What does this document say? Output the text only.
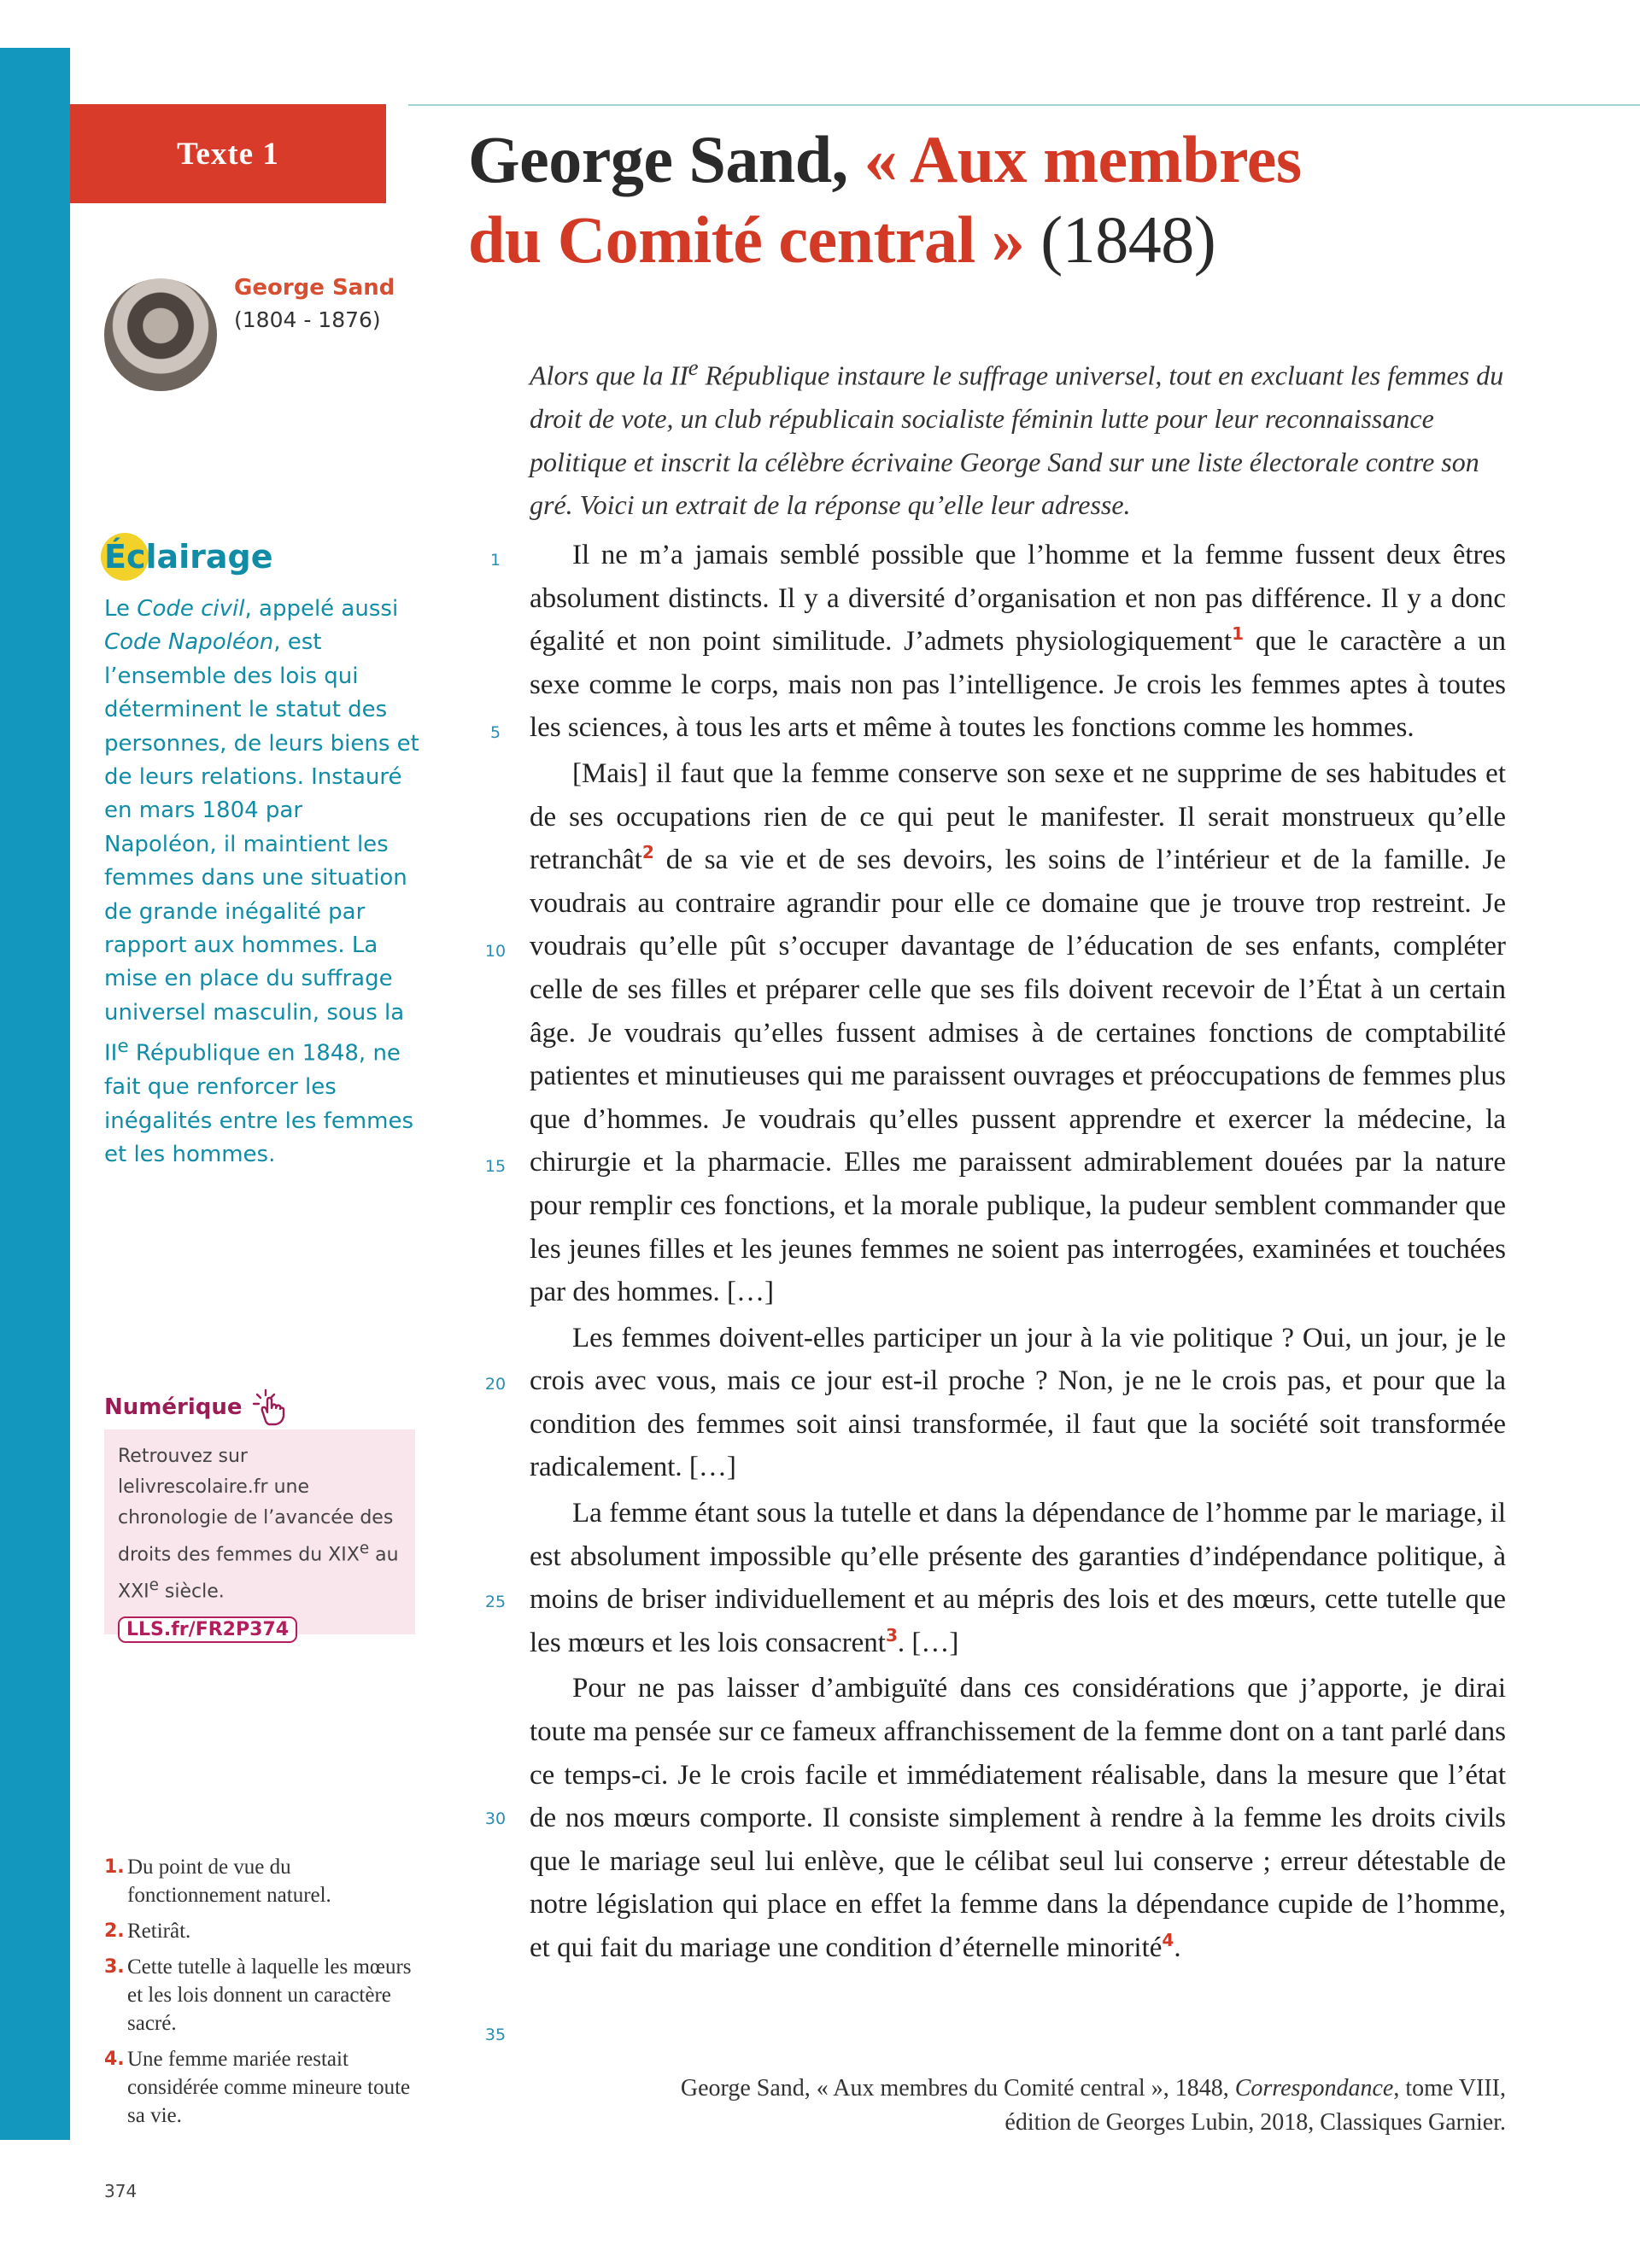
Texte 1	George Sand, « Aux membres
du Comité central » (1848)
George Sand
(1804 - 1876)
Éclairage

Le Code civil, appelé aussi Code Napoléon, est l’ensemble des lois qui déterminent le statut des personnes, de leurs biens et de leurs relations. Instauré en mars 1804 par Napoléon, il maintient les femmes dans une situation de grande inégalité par rapport aux hommes. La mise en place du suffrage universel masculin, sous la IIe République en 1848, ne fait que renforcer les inégalités entre les femmes et les hommes.

Numérique

Retrouvez sur lelivrescolaire.fr une chronologie de l’avancée des droits des femmes du XIXe au XXIe siècle.

LLS.fr/FR2P374
1. Du point de vue du fonctionnement naturel.
2. Retirât.
3. Cette tutelle à laquelle les mœurs et les lois donnent un caractère sacré.
4. Une femme mariée restait considérée comme mineure toute sa vie.
374

Alors que la IIe République instaure le suffrage universel, tout en excluant les femmes du droit de vote, un club républicain socialiste féminin lutte pour leur reconnaissance politique et inscrit la célèbre écrivaine George Sand sur une liste électorale contre son gré. Voici un extrait de la réponse qu’elle leur adresse.

1
5
10
15
20
25
30
35

Il ne m’a jamais semblé possible que l’homme et la femme fussent deux êtres absolument distincts. Il y a diversité d’organisation et non pas différence. Il y a donc égalité et non point similitude. J’admets physiologiquement$^1$ que le caractère a un sexe comme le corps, mais non pas l’intelligence. Je crois les femmes aptes à toutes les sciences, à tous les arts et même à toutes les fonctions comme les hommes.

[Mais] il faut que la femme conserve son sexe et ne supprime de ses habitudes et de ses occupations rien de ce qui peut le manifester. Il serait monstrueux qu’elle retranchât$^2$ de sa vie et de ses devoirs, les soins de l’intérieur et de la famille. Je voudrais au contraire agrandir pour elle ce domaine que je trouve trop restreint. Je voudrais qu’elle pût s’occuper davantage de l’éducation de ses enfants, compléter celle de ses filles et préparer celle que ses fils doivent recevoir de l’État à un certain âge. Je voudrais qu’elles fussent admises à de certaines fonctions de comptabilité patientes et minutieuses qui me paraissent ouvrages et préoccupations de femmes plus que d’hommes. Je voudrais qu’elles pussent apprendre et exercer la médecine, la chirurgie et la pharmacie. Elles me paraissent admirablement douées par la nature pour remplir ces fonctions, et la morale publique, la pudeur semblent commander que les jeunes filles et les jeunes femmes ne soient pas interrogées, examinées et touchées par des hommes. […]

Les femmes doivent-elles participer un jour à la vie politique ? Oui, un jour, je le crois avec vous, mais ce jour est-il proche ? Non, je ne le crois pas, et pour que la condition des femmes soit ainsi transformée, il faut que la société soit transformée radicalement. […]

La femme étant sous la tutelle et dans la dépendance de l’homme par le mariage, il est absolument impossible qu’elle présente des garanties d’indépendance politique, à moins de briser individuellement et au mépris des lois et des mœurs, cette tutelle que les mœurs et les lois consacrent$^3$. […]

Pour ne pas laisser d’ambiguïté dans ces considérations que j’apporte, je dirai toute ma pensée sur ce fameux affranchissement de la femme dont on a tant parlé dans ce temps-ci. Je le crois facile et immédiatement réalisable, dans la mesure que l’état de nos mœurs comporte. Il consiste simplement à rendre à la femme les droits civils que le mariage seul lui enlève, que le célibat seul lui conserve ; erreur détestable de notre législation qui place en effet la femme dans la dépendance cupide de l’homme, et qui fait du mariage une condition d’éternelle minorité$^4$.

George Sand, « Aux membres du Comité central », 1848, Correspondance, tome VIII,
édition de Georges Lubin, 2018, Classiques Garnier.
